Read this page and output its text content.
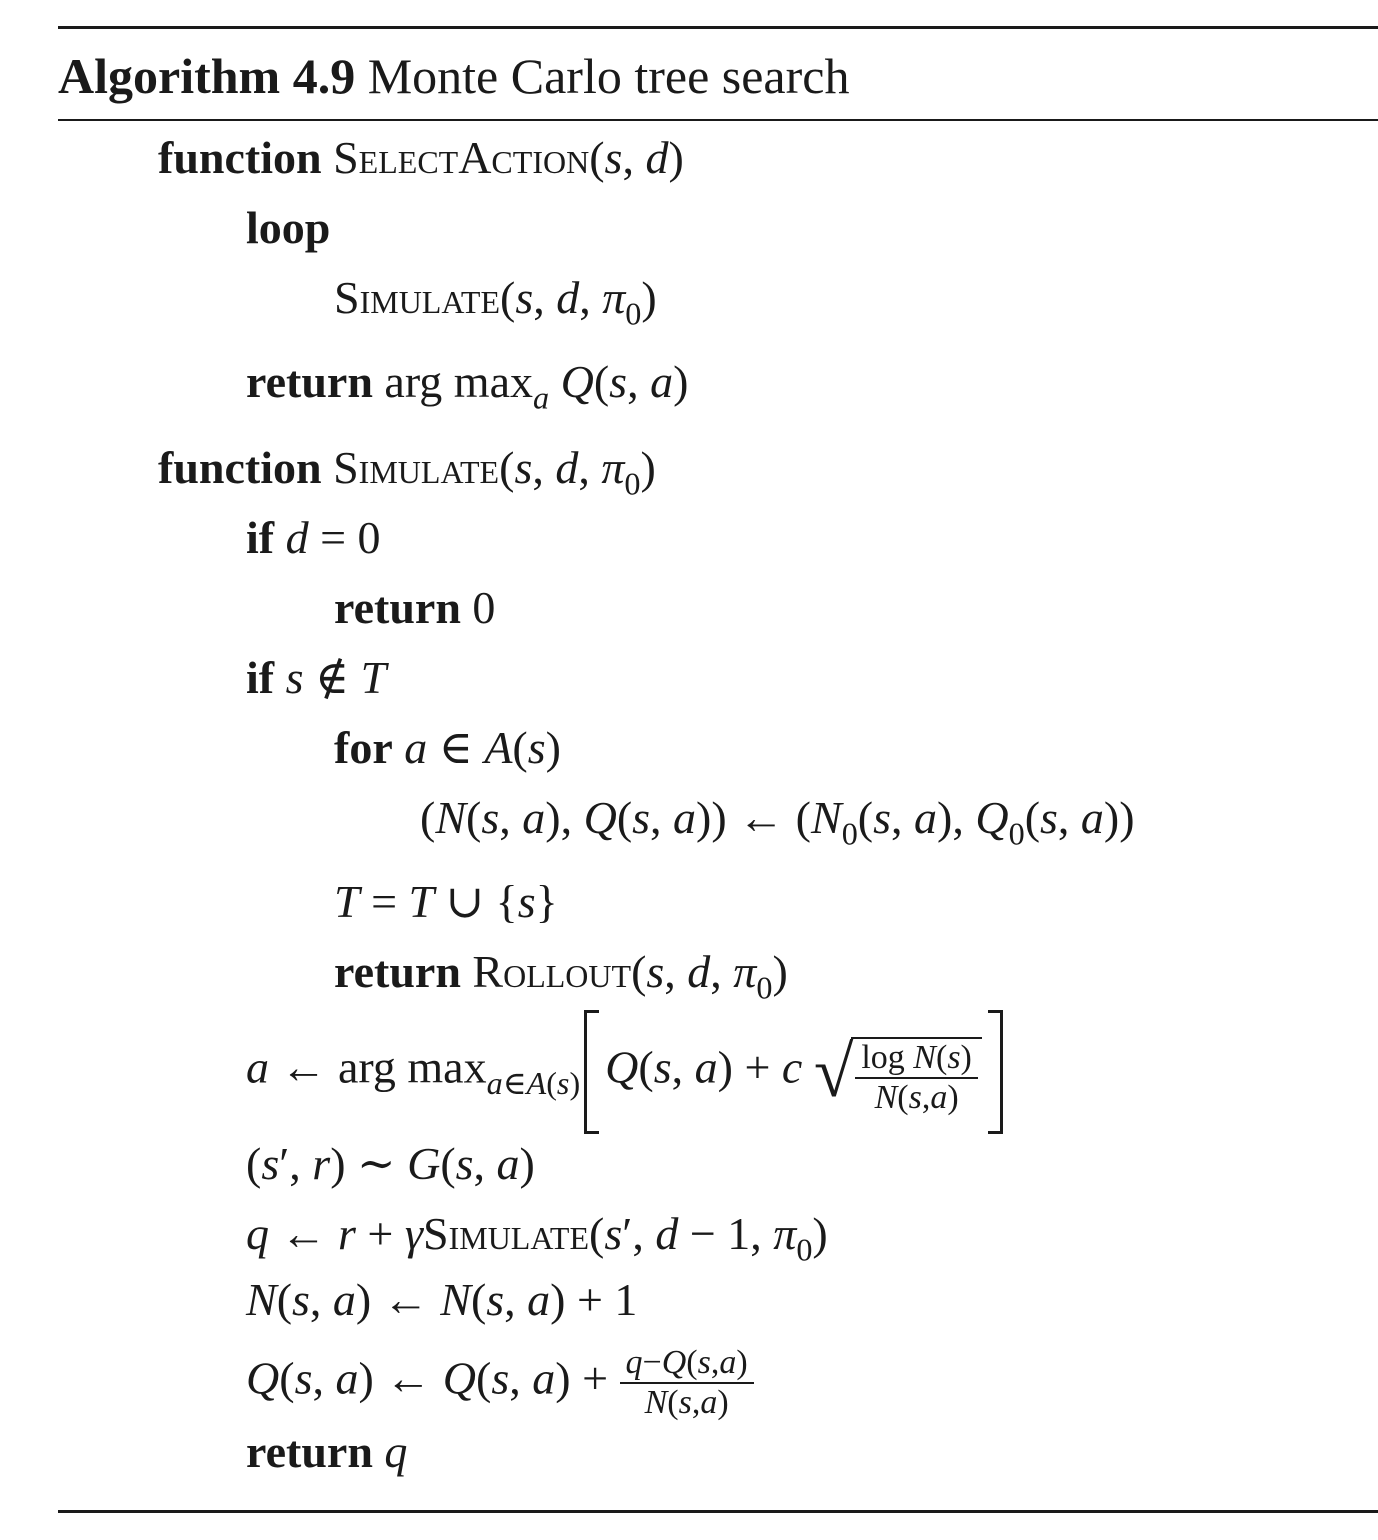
Algorithm 4.9 Monte Carlo tree search
function SelectAction(s, d)
loop
Simulate(s, d, $\pi_0$)
return arg $\max_a Q(s$, a)
function Simulate(s, d, $\pi_0$)
if d = 0
return 0
if s ∉ T
for a ∈ A(s)
(N(s, a), Q(s, a)) ← ($N_0(s$, a), $Q_0(s$, a))
T = T ∪ {s}
return Rollout(s, d, $\pi_0$)
a ← arg $\max_{a\in A(s)} Q(s$, a) + c √ $\frac{\text{log N(s)}}{N(s,a)}$
(s′, r) ∼ G(s, a)
q ← r + γSimulate(s′, d − 1, $\pi_0$)
N(s, a) ← N(s, a) + 1
Q(s, a) ← Q(s, $a) + \frac{q-Q(s,a)}{N(s,a)}$
return q
